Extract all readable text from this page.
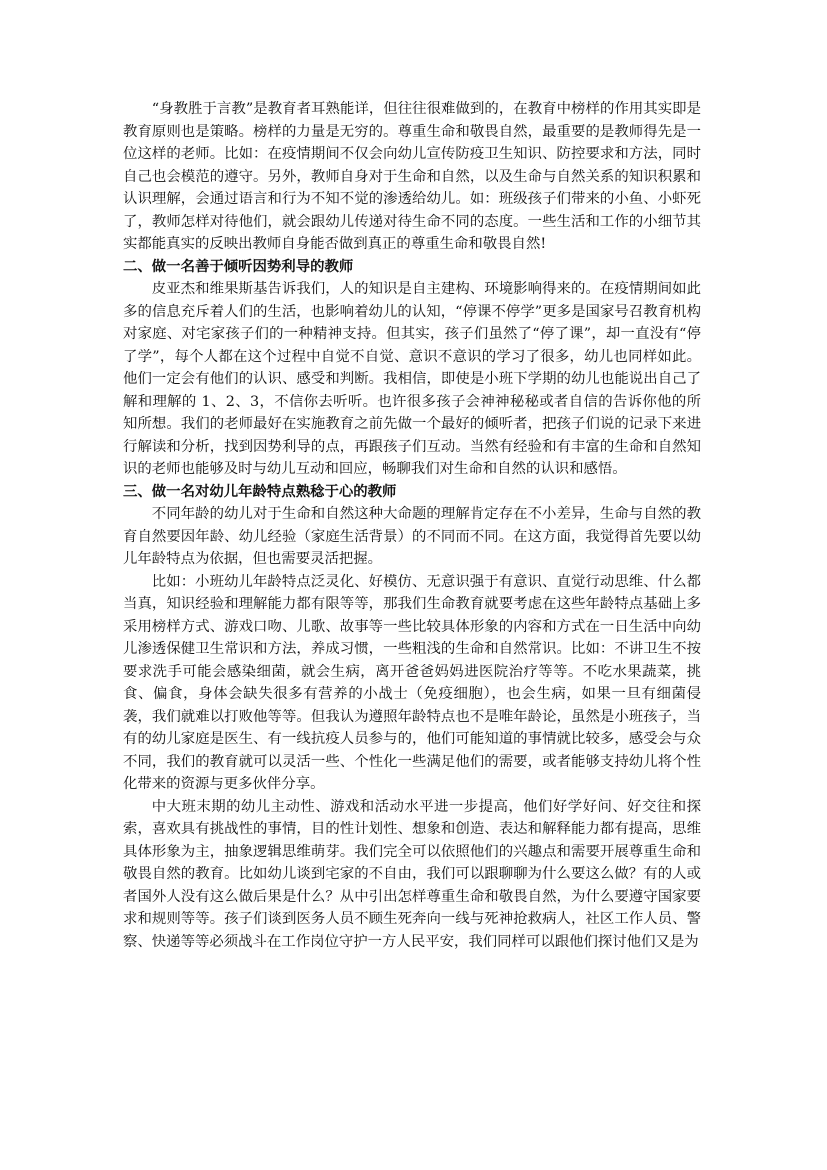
“身教胜于言教”是教育者耳熟能详，但往往很难做到的，在教育中榜样的作用其实即是教育原则也是策略。榜样的力量是无穷的。尊重生命和敬畏自然，最重要的是教师得先是一位这样的老师。比如：在疫情期间不仅会向幼儿宣传防疫卫生知识、防控要求和方法，同时自己也会模范的遵守。另外，教师自身对于生命和自然，以及生命与自然关系的知识积累和认识理解，会通过语言和行为不知不觉的渗透给幼儿。如：班级孩子们带来的小鱼、小虾死了，教师怎样对待他们，就会跟幼儿传递对待生命不同的态度。一些生活和工作的小细节其实都能真实的反映出教师自身能否做到真正的尊重生命和敬畏自然!

二、做一名善于倾听因势利导的教师

皮亚杰和维果斯基告诉我们，人的知识是自主建构、环境影响得来的。在疫情期间如此多的信息充斥着人们的生活，也影响着幼儿的认知，“停课不停学”更多是国家号召教育机构对家庭、对宅家孩子们的一种精神支持。但其实，孩子们虽然了“停了课”，却一直没有“停了学”，每个人都在这个过程中自觉不自觉、意识不意识的学习了很多，幼儿也同样如此。他们一定会有他们的认识、感受和判断。我相信，即使是小班下学期的幼儿也能说出自己了解和理解的 1、2、3，不信你去听听。也许很多孩子会神神秘秘或者自信的告诉你他的所知所想。我们的老师最好在实施教育之前先做一个最好的倾听者，把孩子们说的记录下来进行解读和分析，找到因势利导的点，再跟孩子们互动。当然有经验和有丰富的生命和自然知识的老师也能够及时与幼儿互动和回应，畅聊我们对生命和自然的认识和感悟。

三、做一名对幼儿年龄特点熟稔于心的教师

不同年龄的幼儿对于生命和自然这种大命题的理解肯定存在不小差异，生命与自然的教育自然要因年龄、幼儿经验（家庭生活背景）的不同而不同。在这方面，我觉得首先要以幼儿年龄特点为依据，但也需要灵活把握。

比如：小班幼儿年龄特点泛灵化、好模仿、无意识强于有意识、直觉行动思维、什么都当真，知识经验和理解能力都有限等等，那我们生命教育就要考虑在这些年龄特点基础上多采用榜样方式、游戏口吻、儿歌、故事等一些比较具体形象的内容和方式在一日生活中向幼儿渗透保健卫生常识和方法，养成习惯，一些粗浅的生命和自然常识。比如：不讲卫生不按要求洗手可能会感染细菌，就会生病，离开爸爸妈妈进医院治疗等等。不吃水果蔬菜，挑食、偏食，身体会缺失很多有营养的小战士（免疫细胞），也会生病，如果一旦有细菌侵袭，我们就难以打败他等等。但我认为遵照年龄特点也不是唯年龄论，虽然是小班孩子，当有的幼儿家庭是医生、有一线抗疫人员参与的，他们可能知道的事情就比较多，感受会与众不同，我们的教育就可以灵活一些、个性化一些满足他们的需要，或者能够支持幼儿将个性化带来的资源与更多伙伴分享。

中大班末期的幼儿主动性、游戏和活动水平进一步提高，他们好学好问、好交往和探索，喜欢具有挑战性的事情，目的性计划性、想象和创造、表达和解释能力都有提高，思维具体形象为主，抽象逻辑思维萌芽。我们完全可以依照他们的兴趣点和需要开展尊重生命和敬畏自然的教育。比如幼儿谈到宅家的不自由，我们可以跟聊聊为什么要这么做？有的人或者国外人没有这么做后果是什么？从中引出怎样尊重生命和敬畏自然，为什么要遵守国家要求和规则等等。孩子们谈到医务人员不顾生死奔向一线与死神抢救病人，社区工作人员、警察、快递等等必须战斗在工作岗位守护一方人民平安，我们同样可以跟他们探讨他们又是为
